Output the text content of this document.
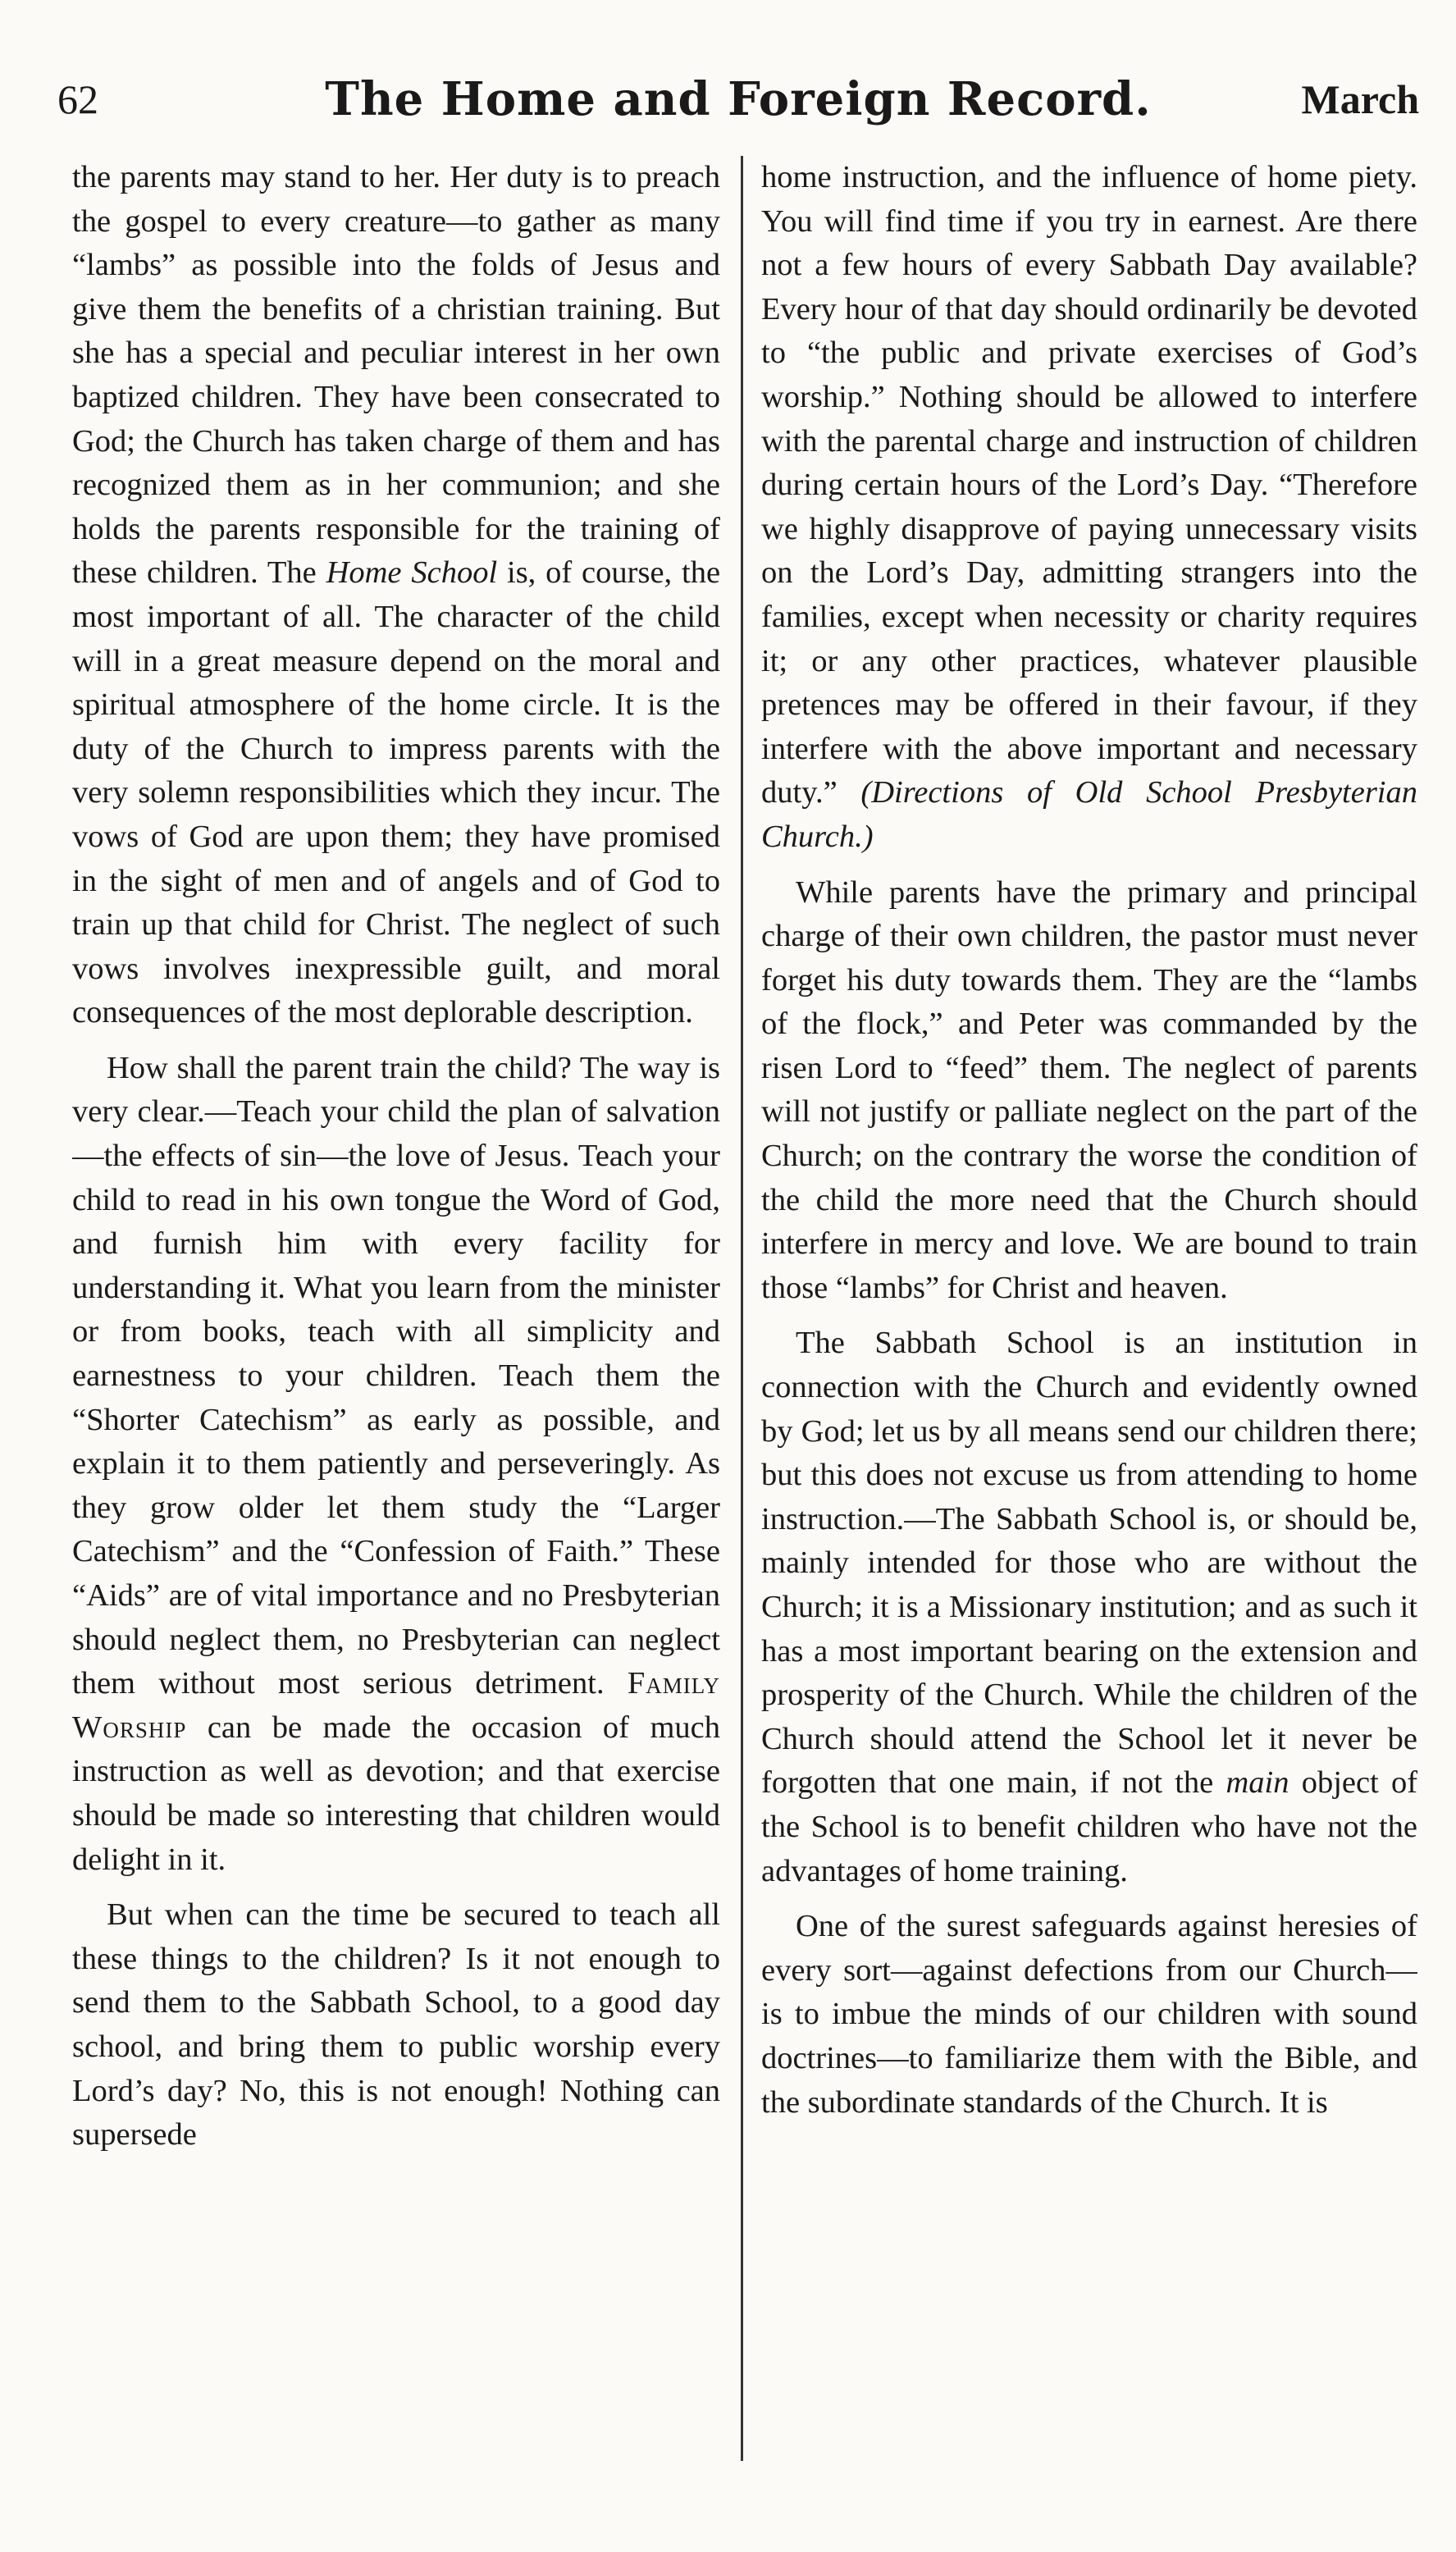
62	The Home and Foreign Record.	March

the parents may stand to her. Her duty is to preach the gospel to every creature—to gather as many “lambs” as possible into the folds of Jesus and give them the benefits of a christian training. But she has a special and peculiar interest in her own baptized children. They have been consecrated to God; the Church has taken charge of them and has recognized them as in her communion; and she holds the parents responsible for the training of these children. The Home School is, of course, the most important of all. The character of the child will in a great measure depend on the moral and spiritual atmosphere of the home circle. It is the duty of the Church to impress parents with the very solemn responsibilities which they incur. The vows of God are upon them; they have promised in the sight of men and of angels and of God to train up that child for Christ. The neglect of such vows involves inexpressible guilt, and moral consequences of the most deplorable description.

How shall the parent train the child? The way is very clear.—Teach your child the plan of salvation—the effects of sin—the love of Jesus. Teach your child to read in his own tongue the Word of God, and furnish him with every facility for understanding it. What you learn from the minister or from books, teach with all simplicity and earnestness to your children. Teach them the “Shorter Catechism” as early as possible, and explain it to them patiently and perseveringly. As they grow older let them study the “Larger Catechism” and the “Confession of Faith.” These “Aids” are of vital importance and no Presbyterian should neglect them, no Presbyterian can neglect them without most serious detriment. Family Worship can be made the occasion of much instruction as well as devotion; and that exercise should be made so interesting that children would delight in it.

But when can the time be secured to teach all these things to the children? Is it not enough to send them to the Sabbath School, to a good day school, and bring them to public worship every Lord’s day? No, this is not enough! Nothing can supersede

home instruction, and the influence of home piety. You will find time if you try in earnest. Are there not a few hours of every Sabbath Day available? Every hour of that day should ordinarily be devoted to “the public and private exercises of God’s worship.” Nothing should be allowed to interfere with the parental charge and instruction of children during certain hours of the Lord’s Day. “Therefore we highly disapprove of paying unnecessary visits on the Lord’s Day, admitting strangers into the families, except when necessity or charity requires it; or any other practices, whatever plausible pretences may be offered in their favour, if they interfere with the above important and necessary duty.” (Directions of Old School Presbyterian Church.)

While parents have the primary and principal charge of their own children, the pastor must never forget his duty towards them. They are the “lambs of the flock,” and Peter was commanded by the risen Lord to “feed” them. The neglect of parents will not justify or palliate neglect on the part of the Church; on the contrary the worse the condition of the child the more need that the Church should interfere in mercy and love. We are bound to train those “lambs” for Christ and heaven.

The Sabbath School is an institution in connection with the Church and evidently owned by God; let us by all means send our children there; but this does not excuse us from attending to home instruction.—The Sabbath School is, or should be, mainly intended for those who are without the Church; it is a Missionary institution; and as such it has a most important bearing on the extension and prosperity of the Church. While the children of the Church should attend the School let it never be forgotten that one main, if not the main object of the School is to benefit children who have not the advantages of home training.

One of the surest safeguards against heresies of every sort—against defections from our Church—is to imbue the minds of our children with sound doctrines—to familiarize them with the Bible, and the subordinate standards of the Church. It is
